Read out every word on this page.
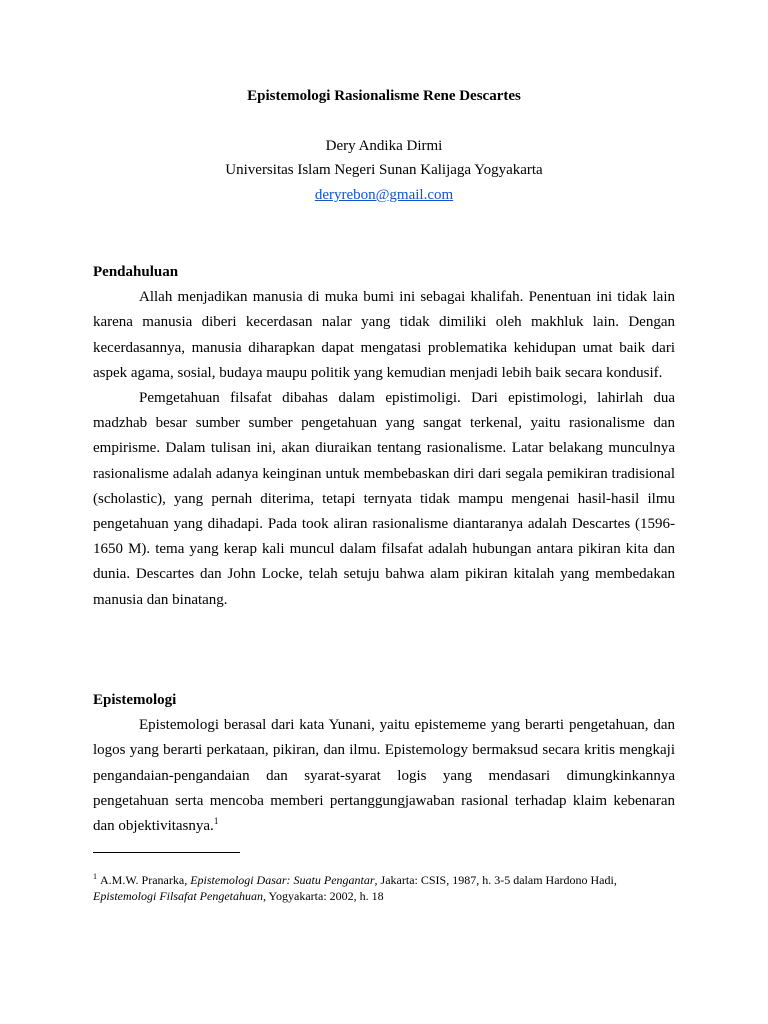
Epistemologi Rasionalisme Rene Descartes
Dery Andika Dirmi
Universitas Islam Negeri Sunan Kalijaga Yogyakarta
deryrebon@gmail.com

Pendahuluan

Allah menjadikan manusia di muka bumi ini sebagai khalifah. Penentuan ini tidak lain karena manusia diberi kecerdasan nalar yang tidak dimiliki oleh makhluk lain. Dengan kecerdasannya, manusia diharapkan dapat mengatasi problematika kehidupan umat baik dari aspek agama, sosial, budaya maupu politik yang kemudian menjadi lebih baik secara kondusif.

Pemgetahuan filsafat dibahas dalam epistimoligi. Dari epistimologi, lahirlah dua madzhab besar sumber sumber pengetahuan yang sangat terkenal, yaitu rasionalisme dan empirisme. Dalam tulisan ini, akan diuraikan tentang rasionalisme. Latar belakang munculnya rasionalisme adalah adanya keinginan untuk membebaskan diri dari segala pemikiran tradisional (scholastic), yang pernah diterima, tetapi ternyata tidak mampu mengenai hasil-hasil ilmu pengetahuan yang dihadapi. Pada took aliran rasionalisme diantaranya adalah Descartes (1596-1650 M). tema yang kerap kali muncul dalam filsafat adalah hubungan antara pikiran kita dan dunia. Descartes dan John Locke, telah setuju bahwa alam pikiran kitalah yang membedakan manusia dan binatang.

Epistemologi

Epistemologi berasal dari kata Yunani, yaitu epistememe yang berarti pengetahuan, dan logos yang berarti perkataan, pikiran, dan ilmu. Epistemology bermaksud secara kritis mengkaji pengandaian-pengandaian dan syarat-syarat logis yang mendasari dimungkinkannya pengetahuan serta mencoba memberi pertanggungjawaban rasional terhadap klaim kebenaran dan objektivitasnya.$^1$

$^1$ A.M.W. Pranarka, Epistemologi Dasar: Suatu Pengantar, Jakarta: CSIS, 1987, h. 3-5 dalam Hardono Hadi,
Epistemologi Filsafat Pengetahuan, Yogyakarta: 2002, h. 18
